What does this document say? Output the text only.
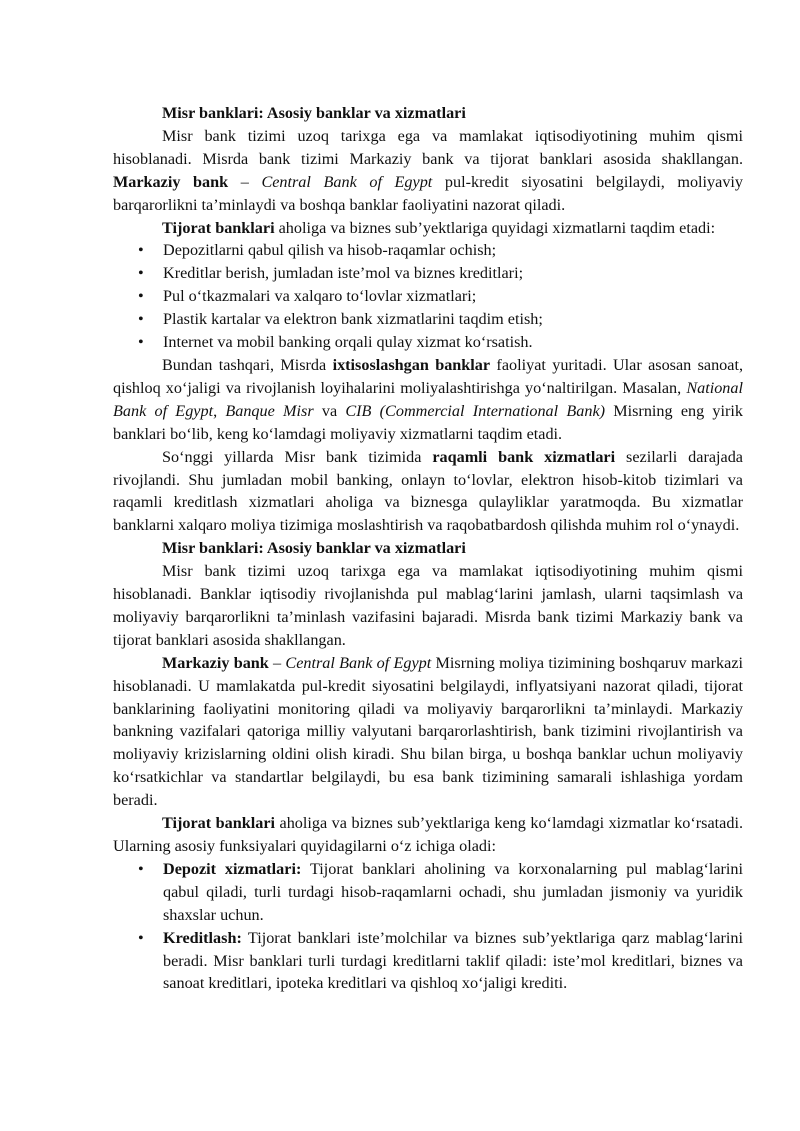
Misr banklari: Asosiy banklar va xizmatlari

Misr bank tizimi uzoq tarixga ega va mamlakat iqtisodiyotining muhim qismi hisoblanadi. Misrda bank tizimi Markaziy bank va tijorat banklari asosida shakllangan. Markaziy bank – Central Bank of Egypt pul-kredit siyosatini belgilaydi, moliyaviy barqarorlikni ta’minlaydi va boshqa banklar faoliyatini nazorat qiladi.

Tijorat banklari aholiga va biznes sub’yektlariga quyidagi xizmatlarni taqdim etadi:

• Depozitlarni qabul qilish va hisob-raqamlar ochish;
• Kreditlar berish, jumladan iste’mol va biznes kreditlari;
• Pul o‘tkazmalari va xalqaro to‘lovlar xizmatlari;
• Plastik kartalar va elektron bank xizmatlarini taqdim etish;
• Internet va mobil banking orqali qulay xizmat ko‘rsatish.

Bundan tashqari, Misrda ixtisoslashgan banklar faoliyat yuritadi. Ular asosan sanoat, qishloq xo‘jaligi va rivojlanish loyihalarini moliyalashtirishga yo‘naltirilgan. Masalan, National Bank of Egypt, Banque Misr va CIB (Commercial International Bank) Misrning eng yirik banklari bo‘lib, keng ko‘lamdagi moliyaviy xizmatlarni taqdim etadi.

So‘nggi yillarda Misr bank tizimida raqamli bank xizmatlari sezilarli darajada rivojlandi. Shu jumladan mobil banking, onlayn to‘lovlar, elektron hisob-kitob tizimlari va raqamli kreditlash xizmatlari aholiga va biznesga qulayliklar yaratmoqda. Bu xizmatlar banklarni xalqaro moliya tizimiga moslashtirish va raqobatbardosh qilishda muhim rol o‘ynaydi.

Misr banklari: Asosiy banklar va xizmatlari

Misr bank tizimi uzoq tarixga ega va mamlakat iqtisodiyotining muhim qismi hisoblanadi. Banklar iqtisodiy rivojlanishda pul mablag‘larini jamlash, ularni taqsimlash va moliyaviy barqarorlikni ta’minlash vazifasini bajaradi. Misrda bank tizimi Markaziy bank va tijorat banklari asosida shakllangan.

Markaziy bank – Central Bank of Egypt Misrning moliya tizimining boshqaruv markazi hisoblanadi. U mamlakatda pul-kredit siyosatini belgilaydi, inflyatsiyani nazorat qiladi, tijorat banklarining faoliyatini monitoring qiladi va moliyaviy barqarorlikni ta’minlaydi. Markaziy bankning vazifalari qatoriga milliy valyutani barqarorlashtirish, bank tizimini rivojlantirish va moliyaviy krizislarning oldini olish kiradi. Shu bilan birga, u boshqa banklar uchun moliyaviy ko‘rsatkichlar va standartlar belgilaydi, bu esa bank tizimining samarali ishlashiga yordam beradi.

Tijorat banklari aholiga va biznes sub’yektlariga keng ko‘lamdagi xizmatlar ko‘rsatadi. Ularning asosiy funksiyalari quyidagilarni o‘z ichiga oladi:

• Depozit xizmatlari: Tijorat banklari aholining va korxonalarning pul mablag‘larini qabul qiladi, turli turdagi hisob-raqamlarni ochadi, shu jumladan jismoniy va yuridik shaxslar uchun.
• Kreditlash: Tijorat banklari iste’molchilar va biznes sub’yektlariga qarz mablag‘larini beradi. Misr banklari turli turdagi kreditlarni taklif qiladi: iste’mol kreditlari, biznes va sanoat kreditlari, ipoteka kreditlari va qishloq xo‘jaligi krediti.
